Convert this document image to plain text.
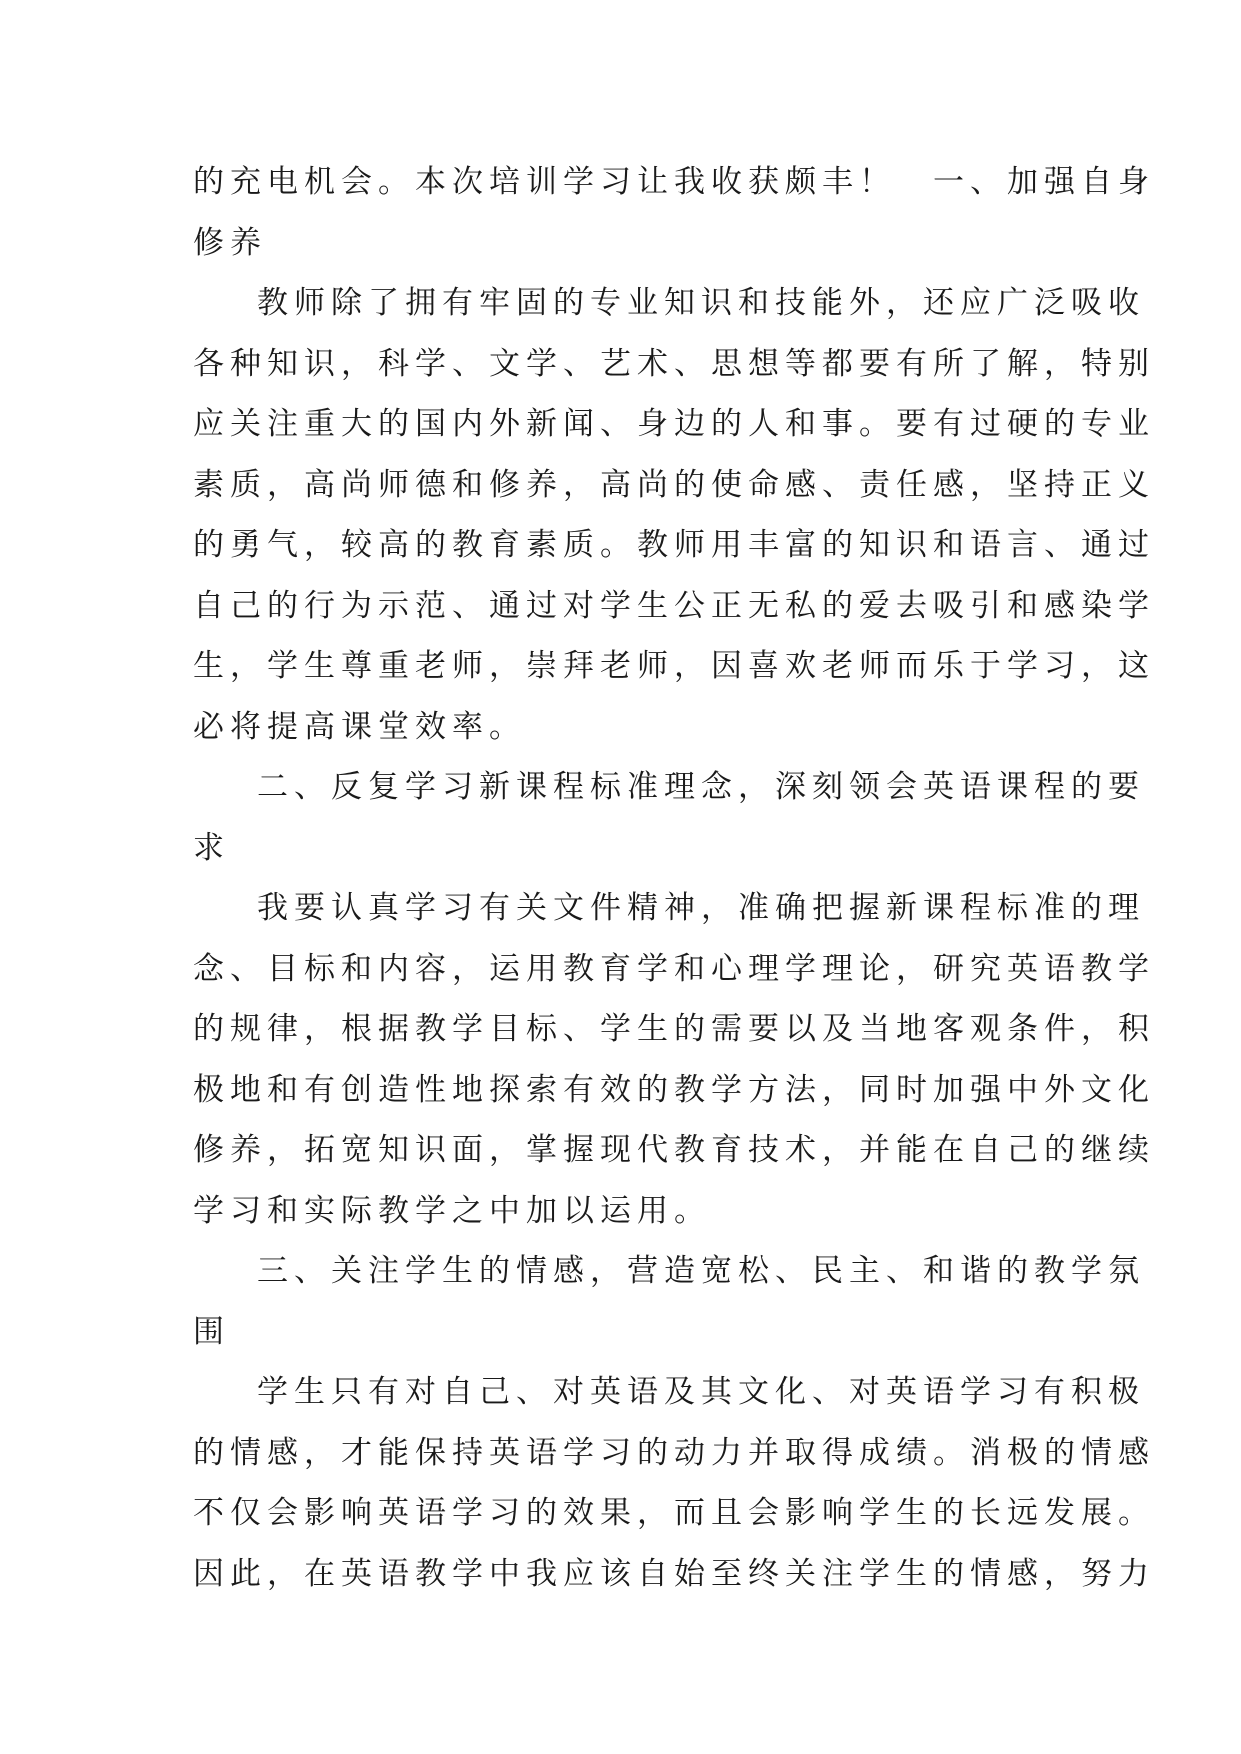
的充电机会。本次培训学习让我收获颇丰！　一、加强自身
修养
教师除了拥有牢固的专业知识和技能外，还应广泛吸收
各种知识，科学、文学、艺术、思想等都要有所了解，特别
应关注重大的国内外新闻、身边的人和事。要有过硬的专业
素质，高尚师德和修养，高尚的使命感、责任感，坚持正义
的勇气，较高的教育素质。教师用丰富的知识和语言、通过
自己的行为示范、通过对学生公正无私的爱去吸引和感染学
生，学生尊重老师，崇拜老师，因喜欢老师而乐于学习，这
必将提高课堂效率。
二、反复学习新课程标准理念，深刻领会英语课程的要
求
我要认真学习有关文件精神，准确把握新课程标准的理
念、目标和内容，运用教育学和心理学理论，研究英语教学
的规律，根据教学目标、学生的需要以及当地客观条件，积
极地和有创造性地探索有效的教学方法，同时加强中外文化
修养，拓宽知识面，掌握现代教育技术，并能在自己的继续
学习和实际教学之中加以运用。
三、关注学生的情感，营造宽松、民主、和谐的教学氛
围
学生只有对自己、对英语及其文化、对英语学习有积极
的情感，才能保持英语学习的动力并取得成绩。消极的情感
不仅会影响英语学习的效果，而且会影响学生的长远发展。
因此，在英语教学中我应该自始至终关注学生的情感，努力
